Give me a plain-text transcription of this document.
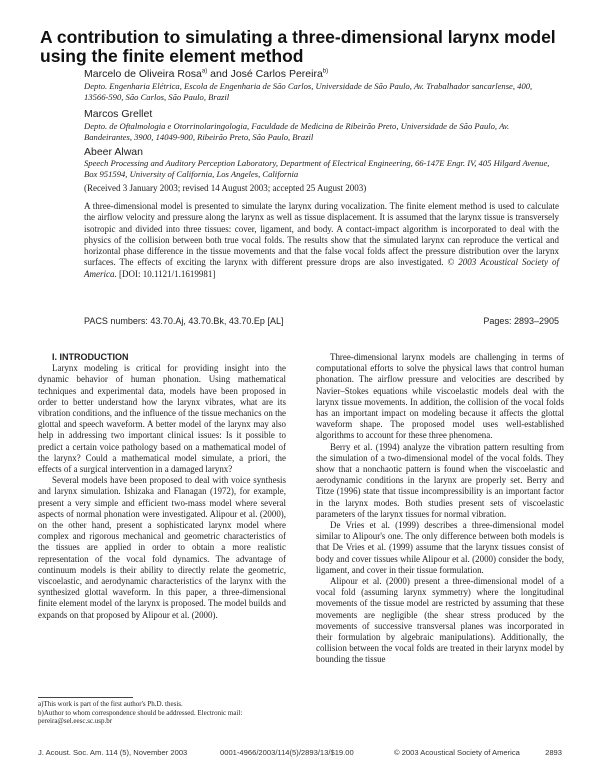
A contribution to simulating a three-dimensional larynx model using the finite element method
Marcelo de Oliveira Rosa$^{a)}$ and José Carlos Pereira$^{b)}$
Depto. Engenharia Elétrica, Escola de Engenharia de São Carlos, Universidade de São Paulo, Av. Trabalhador sancarlense, 400, 13566-590, São Carlos, São Paulo, Brazil
Marcos Grellet
Depto. de Oftalmologia e Otorrinolaringologia, Faculdade de Medicina de Ribeirão Preto, Universidade de São Paulo, Av. Bandeirantes, 3900, 14049-900, Ribeirão Preto, São Paulo, Brazil
Abeer Alwan
Speech Processing and Auditory Perception Laboratory, Department of Electrical Engineering, 66-147E Engr. IV, 405 Hilgard Avenue, Box 951594, University of California, Los Angeles, California
(Received 3 January 2003; revised 14 August 2003; accepted 25 August 2003)
A three-dimensional model is presented to simulate the larynx during vocalization. The finite element method is used to calculate the airflow velocity and pressure along the larynx as well as tissue displacement. It is assumed that the larynx tissue is transversely isotropic and divided into three tissues: cover, ligament, and body. A contact-impact algorithm is incorporated to deal with the physics of the collision between both true vocal folds. The results show that the simulated larynx can reproduce the vertical and horizontal phase difference in the tissue movements and that the false vocal folds affect the pressure distribution over the larynx surfaces. The effects of exciting the larynx with different pressure drops are also investigated. © 2003 Acoustical Society of America. [DOI: 10.1121/1.1619981]
PACS numbers: 43.70.Aj, 43.70.Bk, 43.70.Ep [AL]	Pages: 2893–2905

I. INTRODUCTION

Larynx modeling is critical for providing insight into the dynamic behavior of human phonation. Using mathematical techniques and experimental data, models have been proposed in order to better understand how the larynx vibrates, what are its vibration conditions, and the influence of the tissue mechanics on the glottal and speech waveform. A better model of the larynx may also help in addressing two important clinical issues: Is it possible to predict a certain voice pathology based on a mathematical model of the larynx? Could a mathematical model simulate, a priori, the effects of a surgical intervention in a damaged larynx?

Several models have been proposed to deal with voice synthesis and larynx simulation. Ishizaka and Flanagan (1972), for example, present a very simple and efficient two-mass model where several aspects of normal phonation were investigated. Alipour et al. (2000), on the other hand, present a sophisticated larynx model where complex and rigorous mechanical and geometric characteristics of the tissues are applied in order to obtain a more realistic representation of the vocal fold dynamics. The advantage of continuum models is their ability to directly relate the geometric, viscoelastic, and aerodynamic characteristics of the larynx with the synthesized glottal waveform. In this paper, a three-dimensional finite element model of the larynx is proposed. The model builds and expands on that proposed by Alipour et al. (2000).

Three-dimensional larynx models are challenging in terms of computational efforts to solve the physical laws that control human phonation. The airflow pressure and velocities are described by Navier–Stokes equations while viscoelastic models deal with the larynx tissue movements. In addition, the collision of the vocal folds has an important impact on modeling because it affects the glottal waveform shape. The proposed model uses well-established algorithms to account for these three phenomena.

Berry et al. (1994) analyze the vibration pattern resulting from the simulation of a two-dimensional model of the vocal folds. They show that a nonchaotic pattern is found when the viscoelastic and aerodynamic conditions in the larynx are properly set. Berry and Titze (1996) state that tissue incompressibility is an important factor in the larynx modes. Both studies present sets of viscoelastic parameters of the larynx tissues for normal vibration.

De Vries et al. (1999) describes a three-dimensional model similar to Alipour's one. The only difference between both models is that De Vries et al. (1999) assume that the larynx tissues consist of body and cover tissues while Alipour et al. (2000) consider the body, ligament, and cover in their tissue formulation.

Alipour et al. (2000) present a three-dimensional model of a vocal fold (assuming larynx symmetry) where the longitudinal movements of the tissue model are restricted by assuming that these movements are negligible (the shear stress produced by the movements of successive transversal planes was incorporated in their formulation by algebraic manipulations). Additionally, the collision between the vocal folds are treated in their larynx model by bounding the tissue

a)This work is part of the first author's Ph.D. thesis.
b)Author to whom correspondence should be addressed. Electronic mail: pereira@sel.eesc.sc.usp.br
J. Acoust. Soc. Am. 114 (5), November 2003	0001-4966/2003/114(5)/2893/13/$19.00	© 2003 Acoustical Society of America	2893
